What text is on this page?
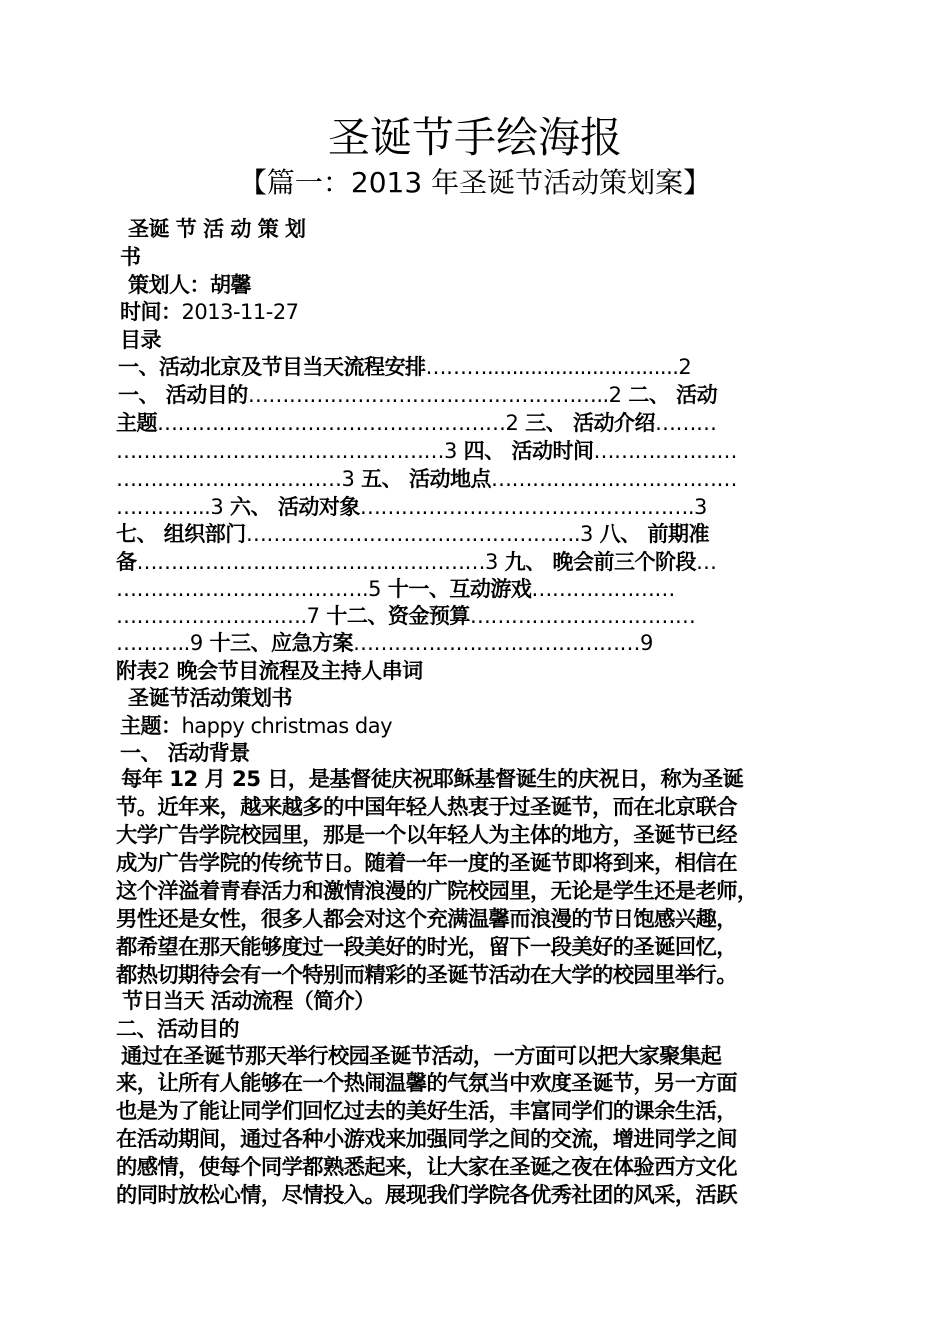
圣诞节手绘海报
【篇一：2013 年圣诞节活动策划案】
圣诞 节 活 动 策 划
书
策划人：胡馨
时间：2013-11-27
目录
一、活动北京及节目当天流程安排………...............................2
一、 活动目的……………………………………………..2 二、 活动
主题……………………………………………2 三、 活动介绍………
…………………………………………3 四、 活动时间…………………
……………………………3 五、 活动地点………………………………
…………..3 六、 活动对象………………………………………….3
七、 组织部门………………………………………….3 八、 前期准
备……………………………………………3 九、 晚会前三个阶段…
……………………………….5 十一、互动游戏…………………
……………………….7 十二、资金预算……………………………
………..9 十三、应急方案……………………………………9
附表2 晚会节目流程及主持人串词
圣诞节活动策划书
主题：happy christmas day
一、 活动背景
每年 12 月 25 日，是基督徒庆祝耶稣基督诞生的庆祝日，称为圣诞
节。近年来，越来越多的中国年轻人热衷于过圣诞节，而在北京联合
大学广告学院校园里，那是一个以年轻人为主体的地方，圣诞节已经
成为广告学院的传统节日。随着一年一度的圣诞节即将到来，相信在
这个洋溢着青春活力和激情浪漫的广院校园里，无论是学生还是老师，
男性还是女性，很多人都会对这个充满温馨而浪漫的节日饱感兴趣，
都希望在那天能够度过一段美好的时光，留下一段美好的圣诞回忆，
都热切期待会有一个特别而精彩的圣诞节活动在大学的校园里举行。
节日当天 活动流程（简介）
二、活动目的
通过在圣诞节那天举行校园圣诞节活动，一方面可以把大家聚集起
来，让所有人能够在一个热闹温馨的气氛当中欢度圣诞节，另一方面
也是为了能让同学们回忆过去的美好生活，丰富同学们的课余生活，
在活动期间，通过各种小游戏来加强同学之间的交流，增进同学之间
的感情，使每个同学都熟悉起来，让大家在圣诞之夜在体验西方文化
的同时放松心情，尽情投入。展现我们学院各优秀社团的风采，活跃
